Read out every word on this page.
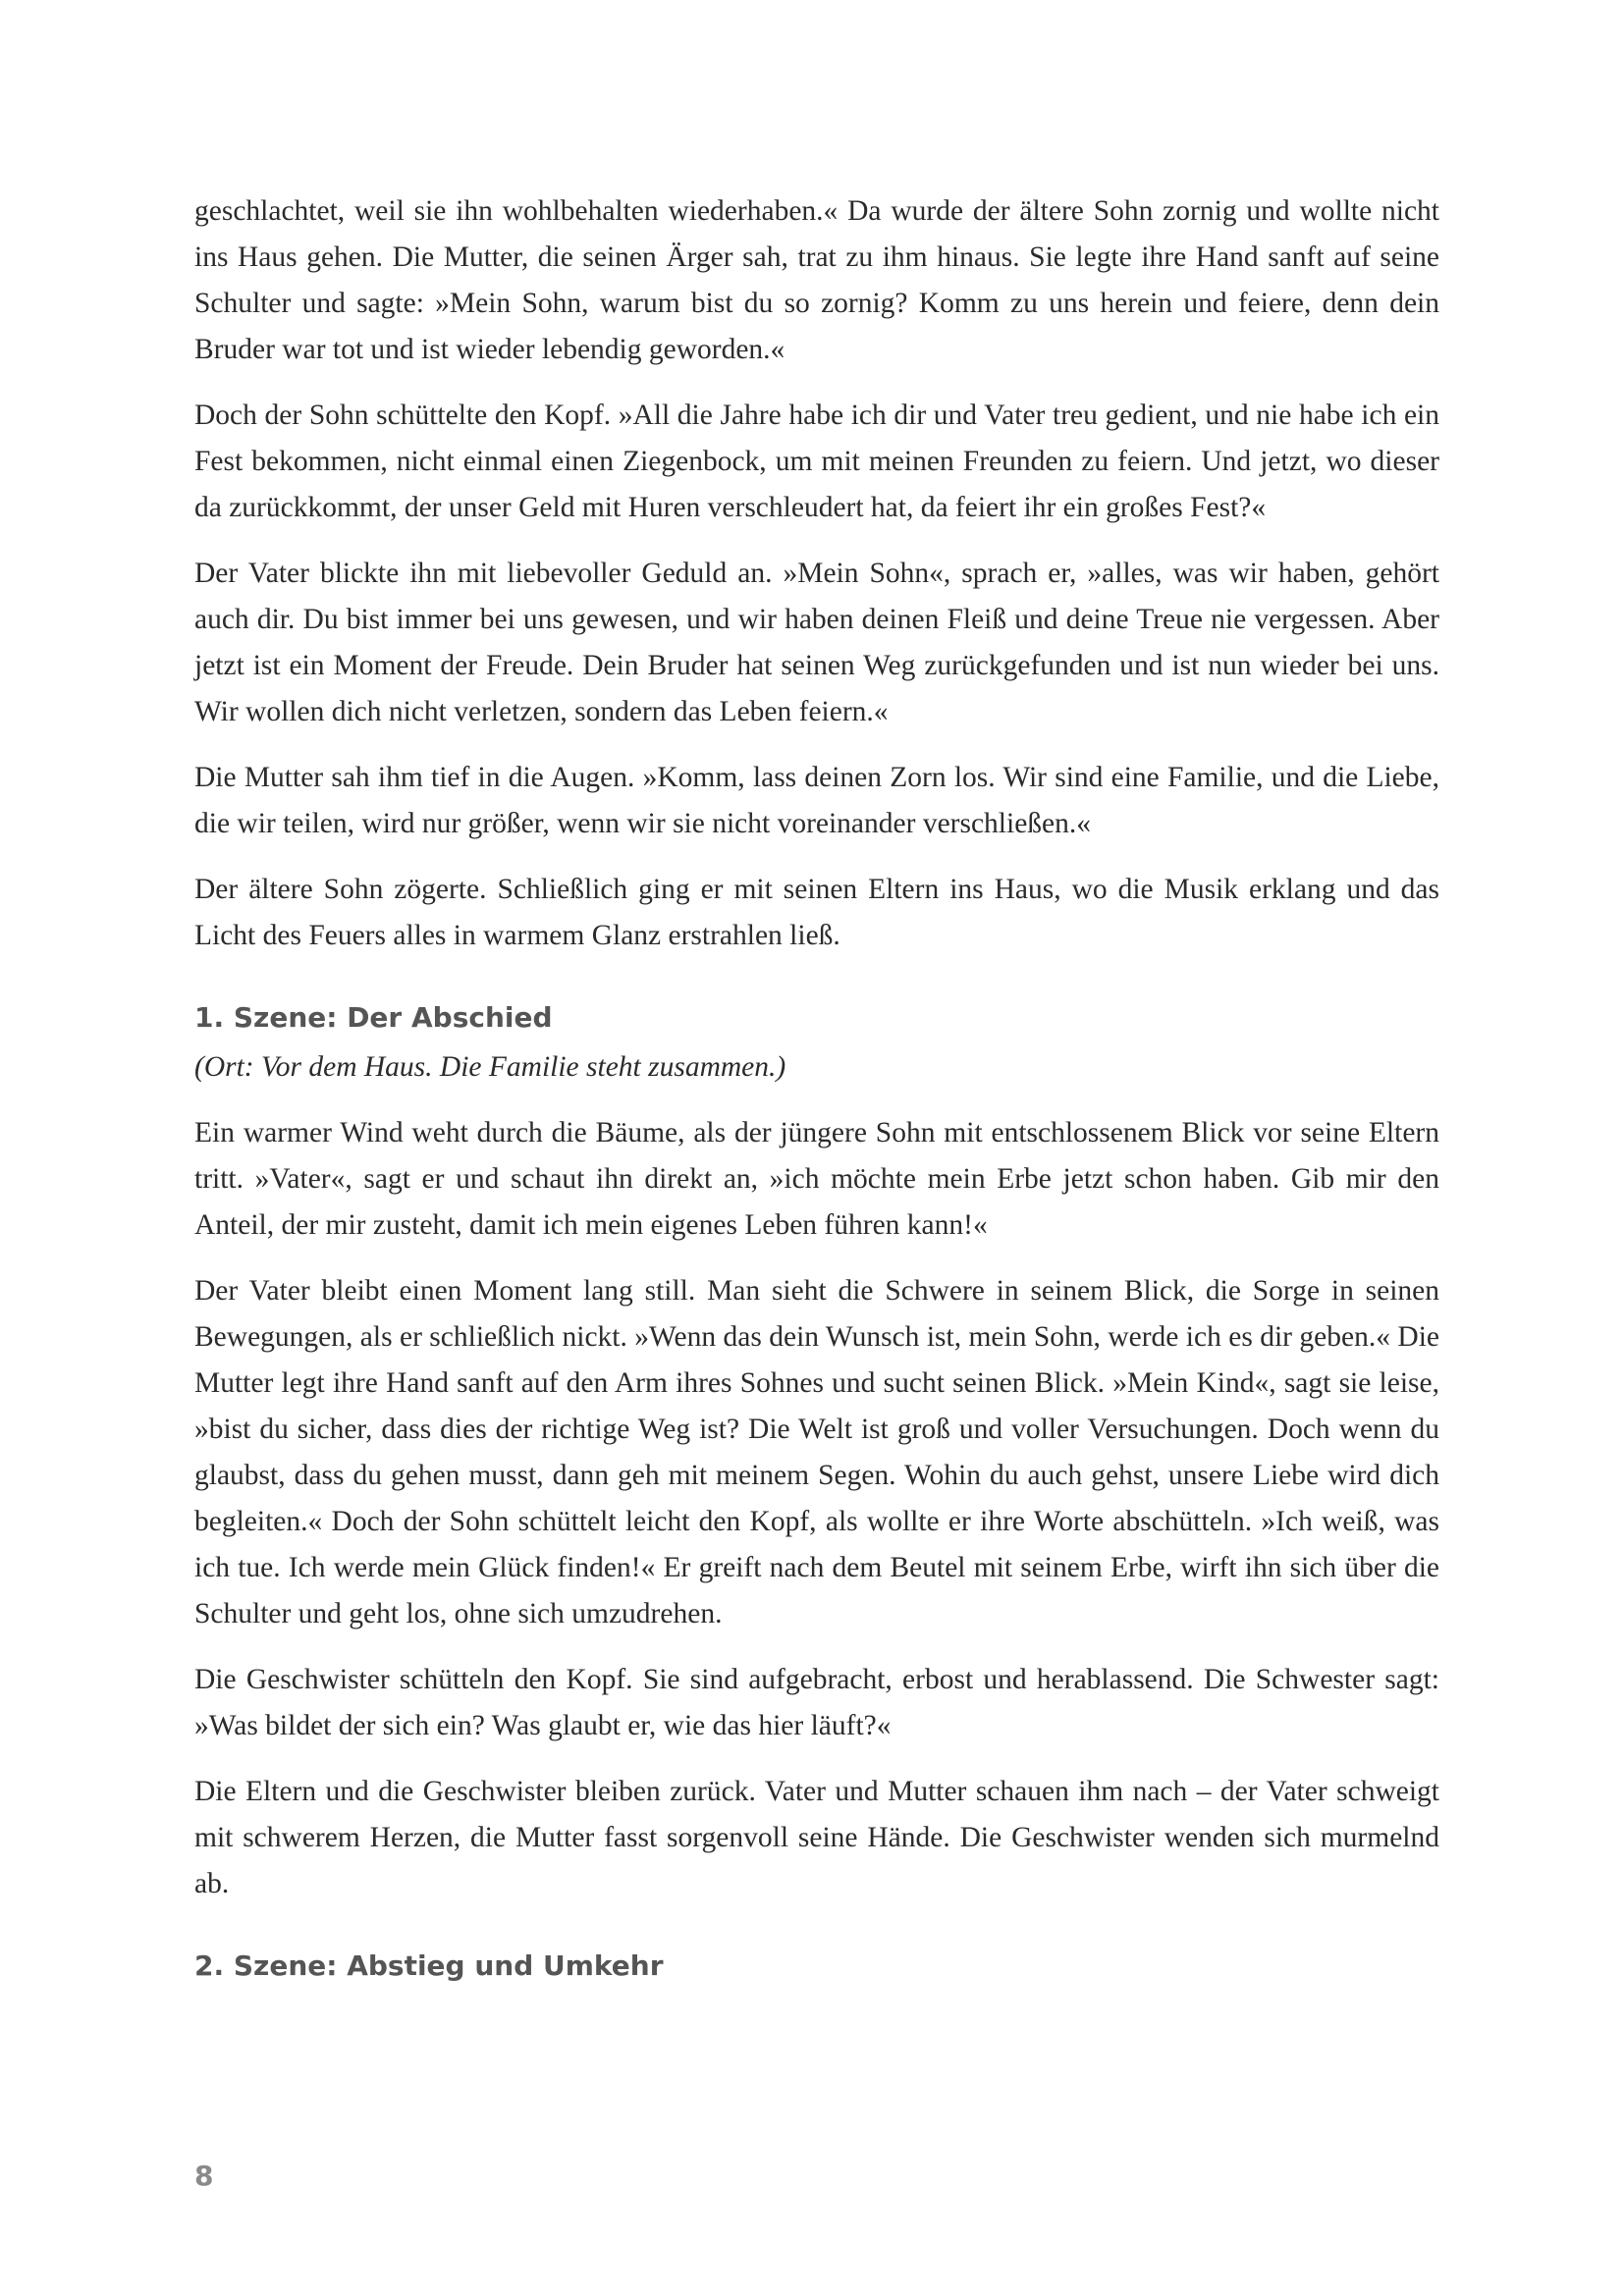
geschlachtet, weil sie ihn wohlbehalten wiederhaben.« Da wurde der ältere Sohn zornig und wollte nicht ins Haus gehen. Die Mutter, die seinen Ärger sah, trat zu ihm hinaus. Sie legte ihre Hand sanft auf seine Schulter und sagte: »Mein Sohn, warum bist du so zornig? Komm zu uns herein und feiere, denn dein Bruder war tot und ist wieder lebendig geworden.«

Doch der Sohn schüttelte den Kopf. »All die Jahre habe ich dir und Vater treu gedient, und nie habe ich ein Fest bekommen, nicht einmal einen Ziegenbock, um mit meinen Freunden zu feiern. Und jetzt, wo dieser da zurückkommt, der unser Geld mit Huren verschleudert hat, da feiert ihr ein großes Fest?«

Der Vater blickte ihn mit liebevoller Geduld an. »Mein Sohn«, sprach er, »alles, was wir haben, gehört auch dir. Du bist immer bei uns gewesen, und wir haben deinen Fleiß und deine Treue nie vergessen. Aber jetzt ist ein Moment der Freude. Dein Bruder hat seinen Weg zurückgefunden und ist nun wieder bei uns. Wir wollen dich nicht verletzen, sondern das Leben feiern.«

Die Mutter sah ihm tief in die Augen. »Komm, lass deinen Zorn los. Wir sind eine Familie, und die Liebe, die wir teilen, wird nur größer, wenn wir sie nicht voreinander verschließen.«

Der ältere Sohn zögerte. Schließlich ging er mit seinen Eltern ins Haus, wo die Musik erklang und das Licht des Feuers alles in warmem Glanz erstrahlen ließ.

1. Szene: Der Abschied

(Ort: Vor dem Haus. Die Familie steht zusammen.)

Ein warmer Wind weht durch die Bäume, als der jüngere Sohn mit entschlossenem Blick vor seine Eltern tritt. »Vater«, sagt er und schaut ihn direkt an, »ich möchte mein Erbe jetzt schon haben. Gib mir den Anteil, der mir zusteht, damit ich mein eigenes Leben führen kann!«

Der Vater bleibt einen Moment lang still. Man sieht die Schwere in seinem Blick, die Sorge in seinen Bewegungen, als er schließlich nickt. »Wenn das dein Wunsch ist, mein Sohn, werde ich es dir geben.« Die Mutter legt ihre Hand sanft auf den Arm ihres Sohnes und sucht seinen Blick. »Mein Kind«, sagt sie leise, »bist du sicher, dass dies der richtige Weg ist? Die Welt ist groß und voller Versuchungen. Doch wenn du glaubst, dass du gehen musst, dann geh mit meinem Segen. Wohin du auch gehst, unsere Liebe wird dich begleiten.« Doch der Sohn schüttelt leicht den Kopf, als wollte er ihre Worte abschütteln. »Ich weiß, was ich tue. Ich werde mein Glück finden!« Er greift nach dem Beutel mit seinem Erbe, wirft ihn sich über die Schulter und geht los, ohne sich umzudrehen.

Die Geschwister schütteln den Kopf. Sie sind aufgebracht, erbost und herablassend. Die Schwester sagt: »Was bildet der sich ein? Was glaubt er, wie das hier läuft?«

Die Eltern und die Geschwister bleiben zurück. Vater und Mutter schauen ihm nach – der Vater schweigt mit schwerem Herzen, die Mutter fasst sorgenvoll seine Hände. Die Geschwister wenden sich murmelnd ab.

2. Szene: Abstieg und Umkehr
8
